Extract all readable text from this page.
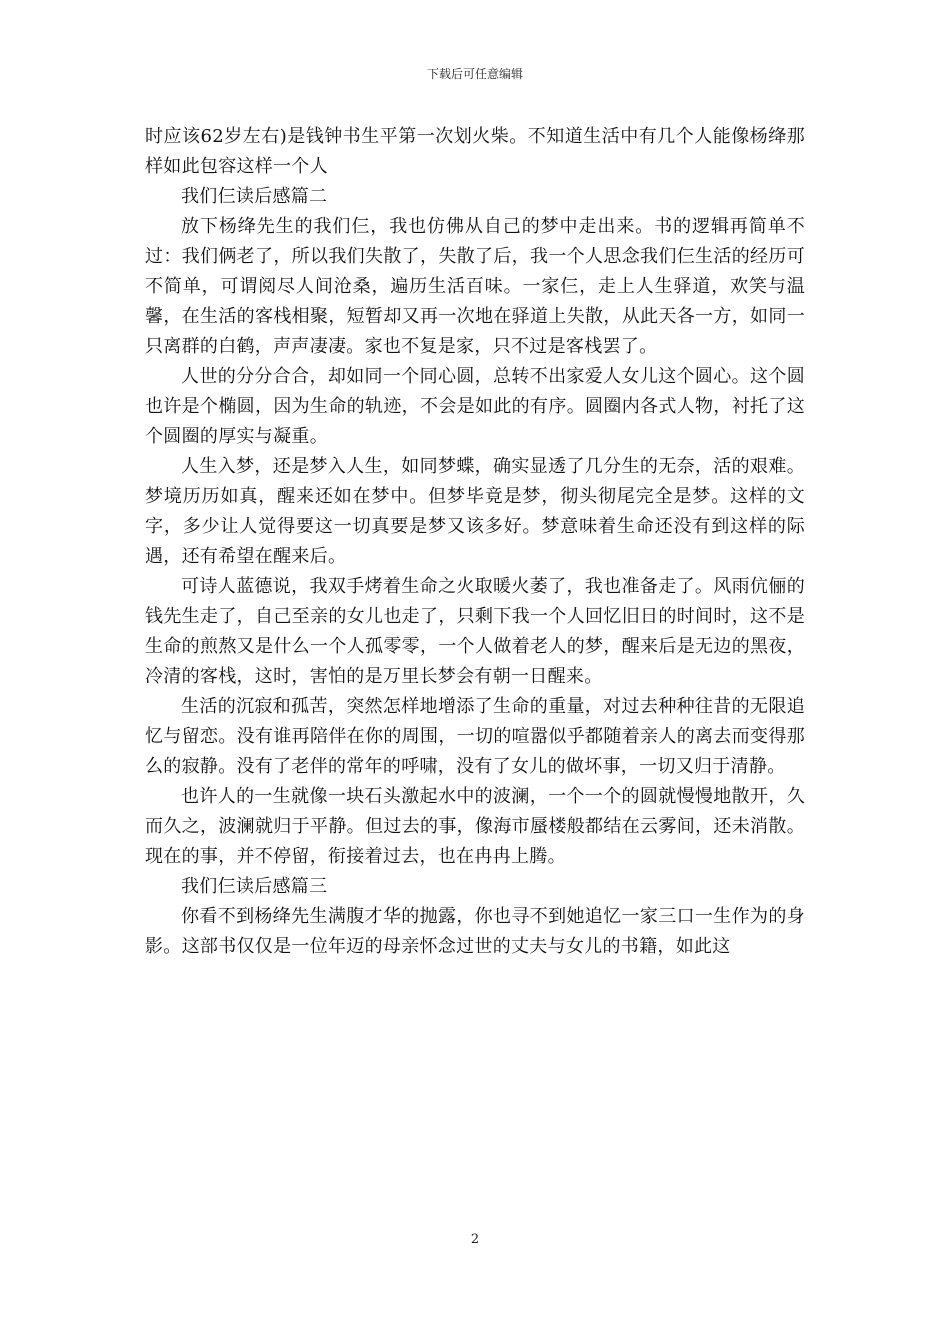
下载后可任意编辑

时应该62岁左右)是钱钟书生平第一次划火柴。不知道生活中有几个人能像杨绛那样如此包容这样一个人

我们仨读后感篇二

放下杨绛先生的我们仨，我也仿佛从自己的梦中走出来。书的逻辑再简单不过：我们俩老了，所以我们失散了，失散了后，我一个人思念我们仨生活的经历可不简单，可谓阅尽人间沧桑，遍历生活百味。一家仨，走上人生驿道，欢笑与温馨，在生活的客栈相聚，短暂却又再一次地在驿道上失散，从此天各一方，如同一只离群的白鹤，声声凄凄。家也不复是家，只不过是客栈罢了。

人世的分分合合，却如同一个同心圆，总转不出家爱人女儿这个圆心。这个圆也许是个椭圆，因为生命的轨迹，不会是如此的有序。圆圈内各式人物，衬托了这个圆圈的厚实与凝重。

人生入梦，还是梦入人生，如同梦蝶，确实显透了几分生的无奈，活的艰难。梦境历历如真，醒来还如在梦中。但梦毕竟是梦，彻头彻尾完全是梦。这样的文字，多少让人觉得要这一切真要是梦又该多好。梦意味着生命还没有到这样的际遇，还有希望在醒来后。

可诗人蓝德说，我双手烤着生命之火取暖火萎了，我也准备走了。风雨伉俪的钱先生走了，自己至亲的女儿也走了，只剩下我一个人回忆旧日的时间时，这不是生命的煎熬又是什么一个人孤零零，一个人做着老人的梦，醒来后是无边的黑夜，冷清的客栈，这时，害怕的是万里长梦会有朝一日醒来。

生活的沉寂和孤苦，突然怎样地增添了生命的重量，对过去种种往昔的无限追忆与留恋。没有谁再陪伴在你的周围，一切的喧嚣似乎都随着亲人的离去而变得那么的寂静。没有了老伴的常年的呼啸，没有了女儿的做坏事，一切又归于清静。

也许人的一生就像一块石头激起水中的波澜，一个一个的圆就慢慢地散开，久而久之，波澜就归于平静。但过去的事，像海市蜃楼般都结在云雾间，还未消散。现在的事，并不停留，衔接着过去，也在冉冉上腾。

我们仨读后感篇三

你看不到杨绛先生满腹才华的抛露，你也寻不到她追忆一家三口一生作为的身影。这部书仅仅是一位年迈的母亲怀念过世的丈夫与女儿的书籍，如此这

2
